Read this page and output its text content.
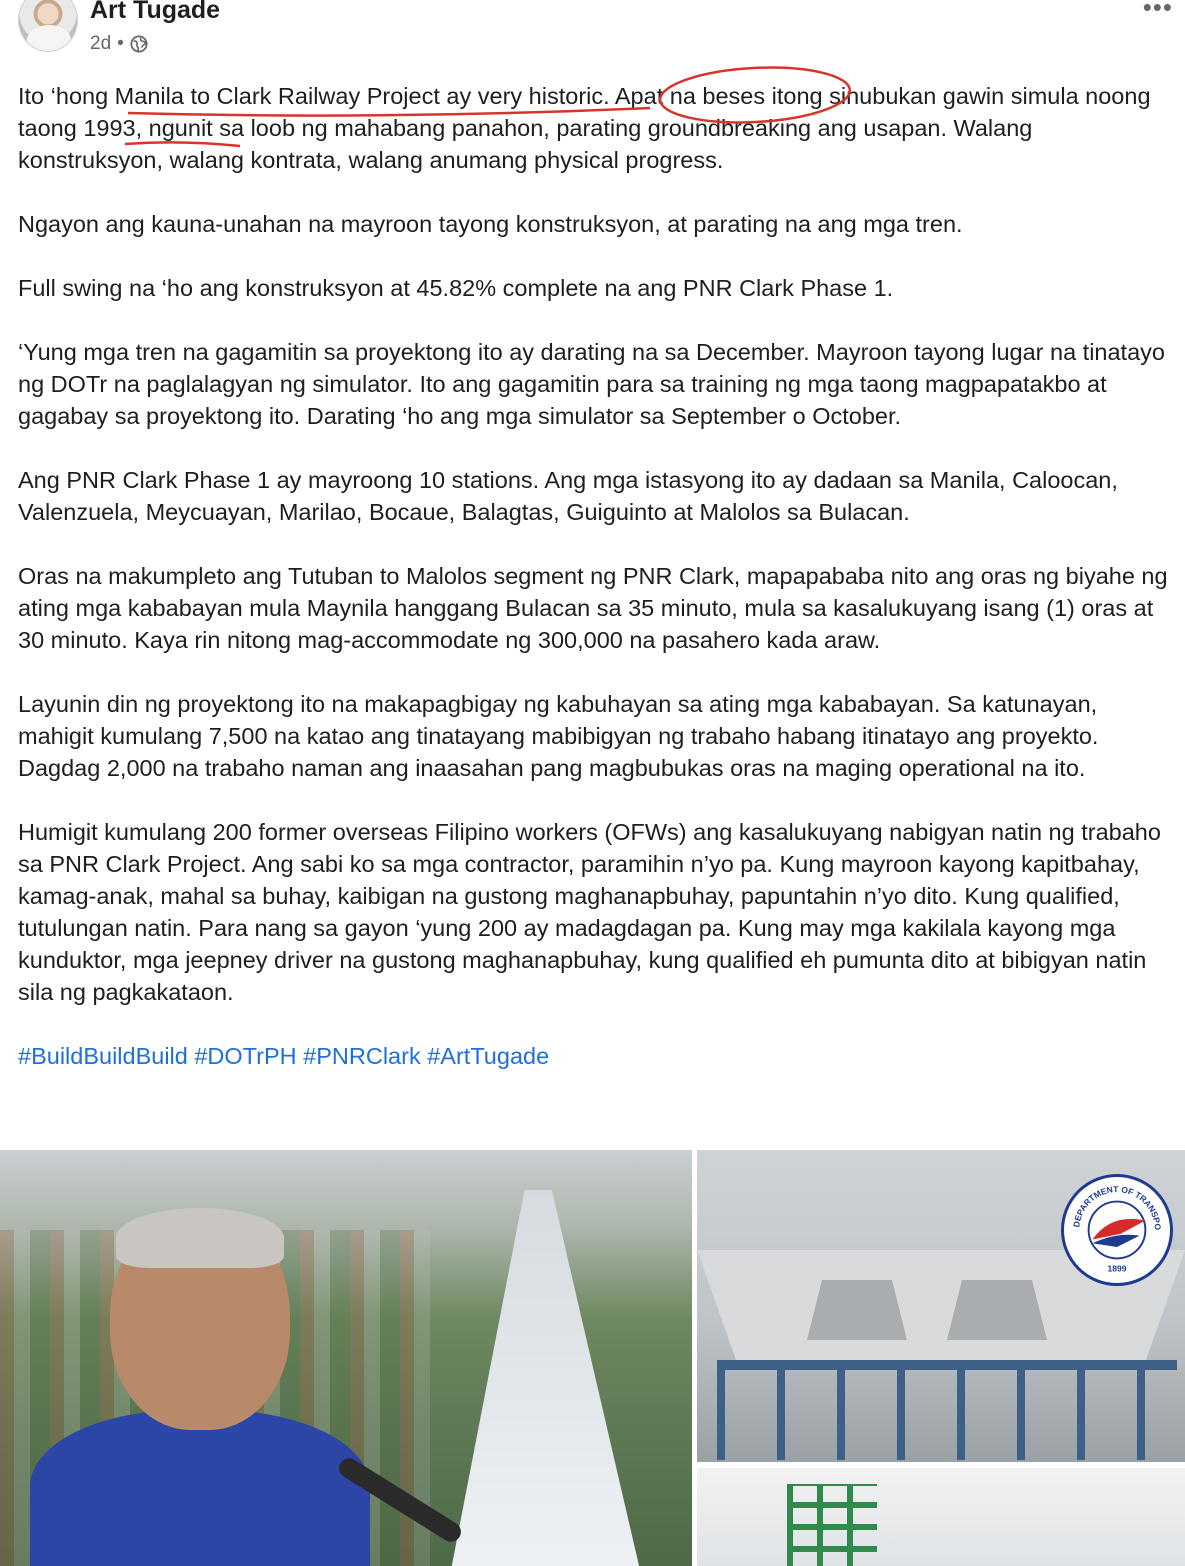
Art Tugade
2d •
•••

Ito ‘hong Manila to Clark Railway Project ay very historic. Apat na beses itong sinubukan gawin simula noong taong 1993, ngunit sa loob ng mahabang panahon, parating groundbreaking ang usapan. Walang konstruksyon, walang kontrata, walang anumang physical progress.

Ngayon ang kauna-unahan na mayroon tayong konstruksyon, at parating na ang mga tren.

Full swing na ‘ho ang konstruksyon at 45.82% complete na ang PNR Clark Phase 1.

‘Yung mga tren na gagamitin sa proyektong ito ay darating na sa December. Mayroon tayong lugar na tinatayo ng DOTr na paglalagyan ng simulator. Ito ang gagamitin para sa training ng mga taong magpapatakbo at gagabay sa proyektong ito. Darating ‘ho ang mga simulator sa September o October.

Ang PNR Clark Phase 1 ay mayroong 10 stations. Ang mga istasyong ito ay dadaan sa Manila, Caloocan, Valenzuela, Meycuayan, Marilao, Bocaue, Balagtas, Guiguinto at Malolos sa Bulacan.

Oras na makumpleto ang Tutuban to Malolos segment ng PNR Clark, mapapababa nito ang oras ng biyahe ng ating mga kababayan mula Maynila hanggang Bulacan sa 35 minuto, mula sa kasalukuyang isang (1) oras at 30 minuto. Kaya rin nitong mag-accommodate ng 300,000 na pasahero kada araw.

Layunin din ng proyektong ito na makapagbigay ng kabuhayan sa ating mga kababayan. Sa katunayan, mahigit kumulang 7,500 na katao ang tinatayang mabibigyan ng trabaho habang itinatayo ang proyekto. Dagdag 2,000 na trabaho naman ang inaasahan pang magbubukas oras na maging operational na ito.

Humigit kumulang 200 former overseas Filipino workers (OFWs) ang kasalukuyang nabigyan natin ng trabaho sa PNR Clark Project. Ang sabi ko sa mga contractor, paramihin n’yo pa. Kung mayroon kayong kapitbahay, kamag-anak, mahal sa buhay, kaibigan na gustong maghanapbuhay, papuntahin n’yo dito. Kung qualified, tutulungan natin. Para nang sa gayon ‘yung 200 ay madagdagan pa. Kung may mga kakilala kayong mga kunduktor, mga jeepney driver na gustong maghanapbuhay, kung qualified eh pumunta dito at bibigyan natin sila ng pagkakataon.

#BuildBuildBuild #DOTrPH #PNRClark #ArtTugade

DEPARTMENT OF TRANSPO
1899
